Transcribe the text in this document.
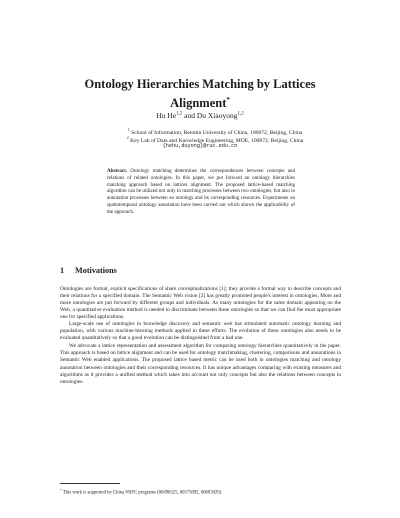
Ontology Hierarchies Matching by Lattices
Alignment*
Hu He$^{1,2}$ and Du Xiaoyong$^{1,2}$
$^1$ School of Information, Renmin University of China, 100872, Beijing, China
$^2$ Key Lab of Data and Knowledge Engineering, MOE, 100872, Beijing, China
{hehu,duyong}@ruc.edu.cn
Abstract. Ontology matching determines the correspondences between concepts and relations of related ontologies. In this paper, we put forward an ontology hierarchies matching approach based on lattices alignment. The proposed lattice-based matching algorithm can be utilized not only in matching processes between two ontologies, but also in annotation processes between an ontology and its corresponding resources. Experiments on spatiotemporal ontology annotation have been carried out which shown the applicability of the approach.
1 Motivations

Ontologies are formal, explicit specifications of share conceptualizations [1]; they provide a formal way to describe concepts and their relations for a specified domain. The Semantic Web vision [2] has greatly promoted people's interest in ontologies. More and more ontologies are put forward by different groups and individuals. As many ontologies for the same domain appearing on the Web, a quantitative evaluation method is needed to discriminate between these ontologies so that we can find the most appropriate one for specified applications.

Large-scale use of ontologies in knowledge discovery and semantic web has stimulated automatic ontology learning and population, with various machine-learning methods applied in these efforts. The evolution of these ontologies also needs to be evaluated quantitatively so that a good evolution can be distinguished from a bad one.

We advocate a lattice representation and assessment algorithm for comparing ontology hierarchies quantitatively in the paper. This approach is based on lattice alignment and can be used for ontology matchmaking, clustering, comparisons and annotations in Semantic Web enabled applications. The proposed lattice based metric can be used both in ontologies matching and ontology annotation between ontologies and their corresponding resources. It has unique advantages comparing with existing measures and algorithms as it provides a unified method which takes into account not only concepts but also the relations between concepts in ontologies.

* This work is supported by China NSFC programs (60496325, 60573092, 60603020).
